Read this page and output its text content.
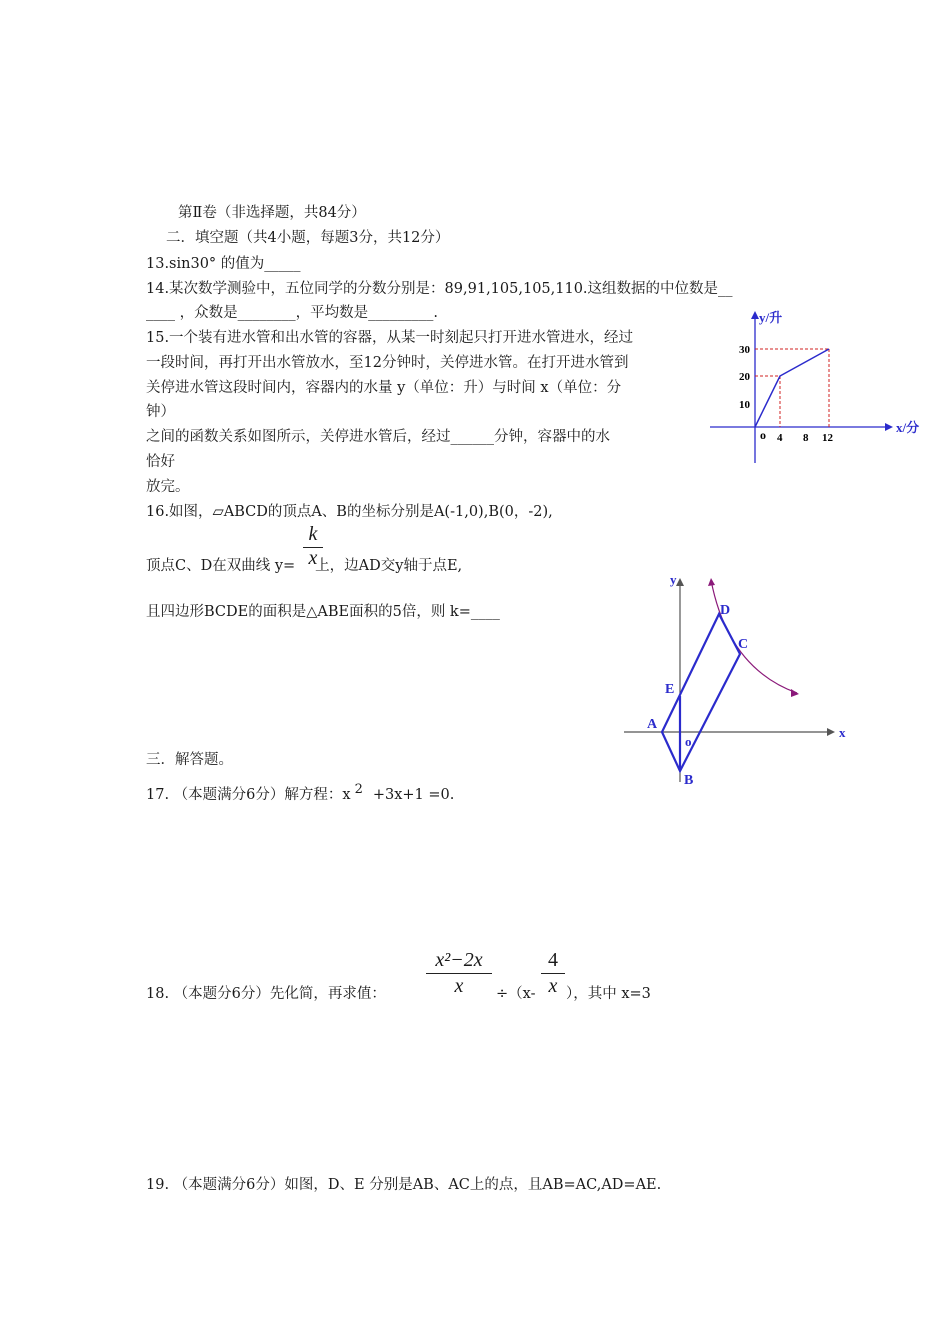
第Ⅱ卷（非选择题，共84分）
二．填空题（共4小题，每题3分，共12分）
13.sin30° 的值为_____
14.某次数学测验中，五位同学的分数分别是：89,91,105,105,110.这组数据的中位数是__
____ ，众数是________，平均数是_________.
15.一个装有进水管和出水管的容器，从某一时刻起只打开进水管进水，经过
一段时间，再打开出水管放水，至12分钟时，关停进水管。在打开进水管到
关停进水管这段时间内，容器内的水量 y（单位：升）与时间 x（单位：分
钟）
之间的函数关系如图所示，关停进水管后，经过______分钟，容器中的水
恰好
放完。
y/升
x/分
30
20
10
o 4 8 12
16.如图，▱ABCD的顶点A、B的坐标分别是A(-1,0),B(0，-2),
顶点C、D在双曲线 y= 上，边AD交y轴于点E,
k
x
且四边形BCDE的面积是△ABE面积的5倍，则 k=____
y
x
A
B
C
D
E
o
三．解答题。
17. （本题满分6分）解方程：x $^2$ +3x+1 =0.
18. （本题分6分）先化简，再求值：
x²−2x
x	÷（x-
4
x ），其中 x=3
19. （本题满分6分）如图，D、E 分别是AB、AC上的点，且AB=AC,AD=AE.
